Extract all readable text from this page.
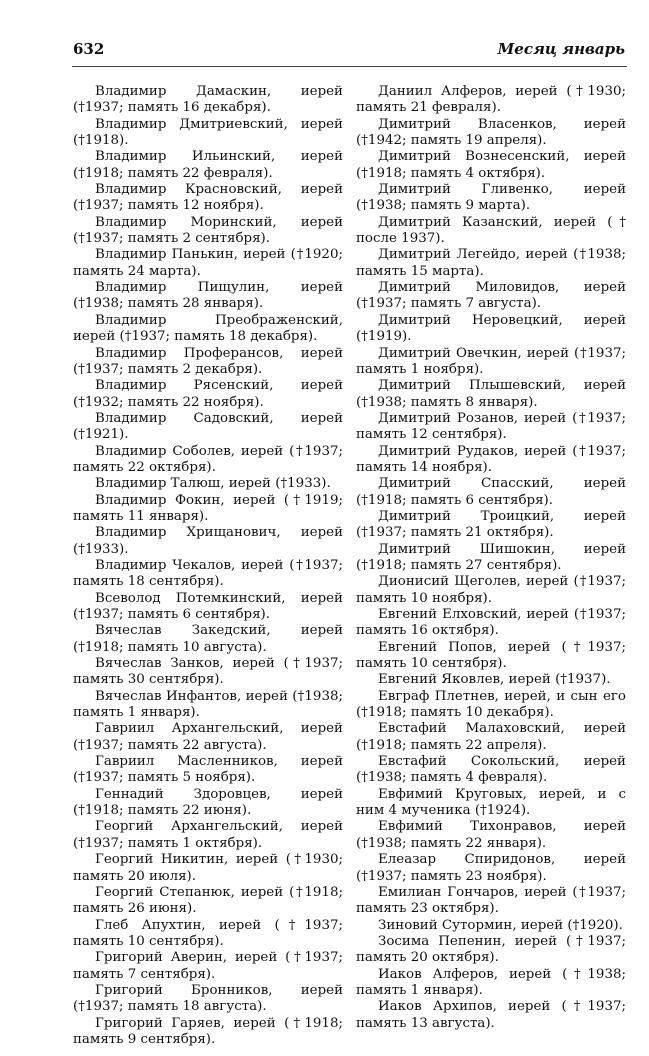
632	Месяц январь

Владимир Дамаскин, иерей (†1937; память 16 декабря).

Владимир Дмитриевский, иерей (†1918).

Владимир Ильинский, иерей (†1918; память 22 февраля).

Владимир Красновский, иерей (†1937; память 12 ноября).

Владимир Моринский, иерей (†1937; память 2 сентября).

Владимир Панькин, иерей (†1920; память 24 марта).

Владимир Пищулин, иерей (†1938; память 28 января).

Владимир Преображенский, иерей (†1937; память 18 декабря).

Владимир Проферансов, иерей (†1937; память 2 декабря).

Владимир Рясенский, иерей (†1932; память 22 ноября).

Владимир Садовский, иерей (†1921).

Владимир Соболев, иерей (†1937; память 22 октября).

Владимир Талюш, иерей (†1933).

Владимир Фокин, иерей (†1919; память 11 января).

Владимир Хрищанович, иерей (†1933).

Владимир Чекалов, иерей (†1937; память 18 сентября).

Всеволод Потемкинский, иерей (†1937; память 6 сентября).

Вячеслав Закедский, иерей (†1918; память 10 августа).

Вячеслав Занков, иерей (†1937; память 30 сентября).

Вячеслав Инфантов, иерей (†1938; память 1 января).

Гавриил Архангельский, иерей (†1937; память 22 августа).

Гавриил Масленников, иерей (†1937; память 5 ноября).

Геннадий Здоровцев, иерей (†1918; память 22 июня).

Георгий Архангельский, иерей (†1937; память 1 октября).

Георгий Никитин, иерей (†1930; память 20 июля).

Георгий Степанюк, иерей (†1918; память 26 июня).

Глеб Апухтин, иерей (†1937; память 10 сентября).

Григорий Аверин, иерей (†1937; память 7 сентября).

Григорий Бронников, иерей (†1937; память 18 августа).

Григорий Гаряев, иерей (†1918; память 9 сентября).

Даниил Алферов, иерей (†1930; память 21 февраля).

Димитрий Власенков, иерей (†1942; память 19 апреля).

Димитрий Вознесенский, иерей (†1918; память 4 октября).

Димитрий Гливенко, иерей (†1938; память 9 марта).

Димитрий Казанский, иерей († после 1937).

Димитрий Легейдо, иерей (†1938; память 15 марта).

Димитрий Миловидов, иерей (†1937; память 7 августа).

Димитрий Неровецкий, иерей (†1919).

Димитрий Овечкин, иерей (†1937; память 1 ноября).

Димитрий Плышевский, иерей (†1938; память 8 января).

Димитрий Розанов, иерей (†1937; память 12 сентября).

Димитрий Рудаков, иерей (†1937; память 14 ноября).

Димитрий Спасский, иерей (†1918; память 6 сентября).

Димитрий Троицкий, иерей (†1937; память 21 октября).

Димитрий Шишокин, иерей (†1918; память 27 сентября).

Дионисий Щеголев, иерей (†1937; память 10 ноября).

Евгений Елховский, иерей (†1937; память 16 октября).

Евгений Попов, иерей (†1937; память 10 сентября).

Евгений Яковлев, иерей (†1937).

Евграф Плетнев, иерей, и сын его (†1918; память 10 декабря).

Евстафий Малаховский, иерей (†1918; память 22 апреля).

Евстафий Сокольский, иерей (†1938; память 4 февраля).

Евфимий Круговых, иерей, и с ним 4 мученика (†1924).

Евфимий Тихонравов, иерей (†1938; память 22 января).

Елеазар Спиридонов, иерей (†1937; память 23 ноября).

Емилиан Гончаров, иерей (†1937; память 23 октября).

Зиновий Сутормин, иерей (†1920).

Зосима Пепенин, иерей (†1937; память 20 октября).

Иаков Алферов, иерей (†1938; память 1 января).

Иаков Архипов, иерей (†1937; память 13 августа).
